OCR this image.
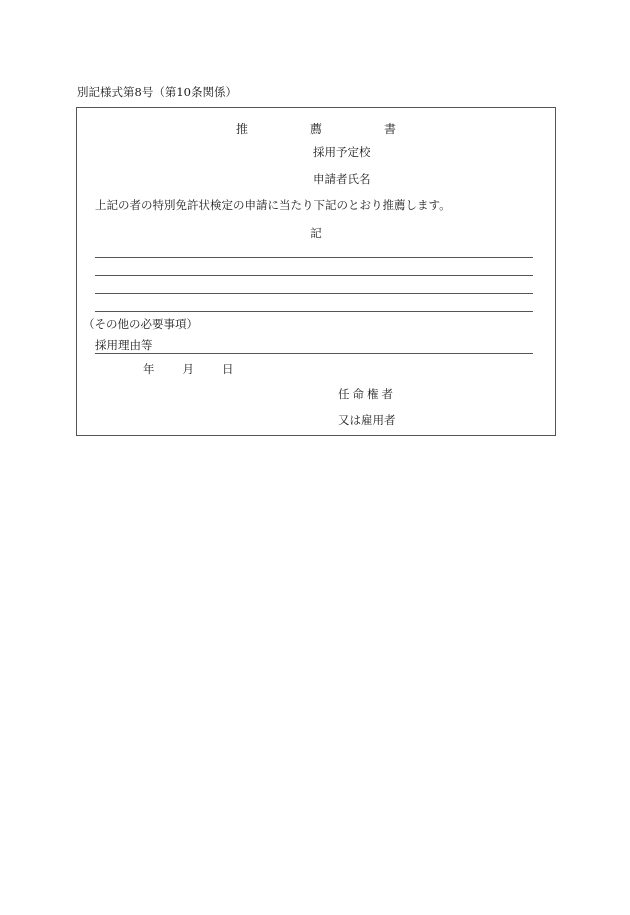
別記様式第8号（第10条関係）
推	薦	書
採用予定校
申請者氏名
上記の者の特別免許状検定の申請に当たり下記のとおり推薦します。
記
（その他の必要事項）
採用理由等
年 月 日
任命権者
又は雇用者
